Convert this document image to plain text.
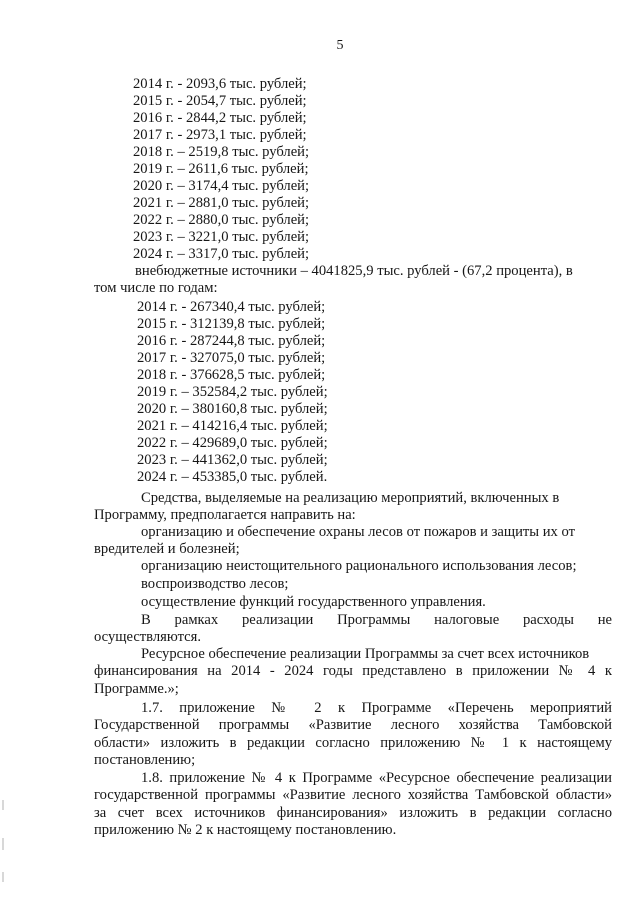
5
2014 г. - 2093,6 тыс. рублей;
2015 г. - 2054,7 тыс. рублей;
2016 г. - 2844,2 тыс. рублей;
2017 г. - 2973,1 тыс. рублей;
2018 г. – 2519,8 тыс. рублей;
2019 г. – 2611,6 тыс. рублей;
2020 г. – 3174,4 тыс. рублей;
2021 г. – 2881,0 тыс. рублей;
2022 г. – 2880,0 тыс. рублей;
2023 г. – 3221,0 тыс. рублей;
2024 г. – 3317,0 тыс. рублей;
внебюджетные источники – 4041825,9 тыс. рублей - (67,2 процента), в
том числе по годам:
2014 г. - 267340,4 тыс. рублей;
2015 г. - 312139,8 тыс. рублей;
2016 г. - 287244,8 тыс. рублей;
2017 г. - 327075,0 тыс. рублей;
2018 г. - 376628,5 тыс. рублей;
2019 г. – 352584,2 тыс. рублей;
2020 г. – 380160,8 тыс. рублей;
2021 г. – 414216,4 тыс. рублей;
2022 г. – 429689,0 тыс. рублей;
2023 г. – 441362,0 тыс. рублей;
2024 г. – 453385,0 тыс. рублей.
Средства, выделяемые на реализацию мероприятий, включенных в
Программу, предполагается направить на:
организацию и обеспечение охраны лесов от пожаров и защиты их от
вредителей и болезней;
организацию неистощительного рационального использования лесов;
воспроизводство лесов;
осуществление функций государственного управления.
В рамках реализации Программы налоговые расходы не
осуществляются.
Ресурсное обеспечение реализации Программы за счет всех источников
финансирования на 2014 - 2024 годы представлено в приложении № 4 к
Программе.»;
1.7. приложение № 2 к Программе «Перечень мероприятий
Государственной программы «Развитие лесного хозяйства Тамбовской
области» изложить в редакции согласно приложению № 1 к настоящему
постановлению;
1.8. приложение № 4 к Программе «Ресурсное обеспечение реализации
государственной программы «Развитие лесного хозяйства Тамбовской области»
за счет всех источников финансирования» изложить в редакции согласно
приложению № 2 к настоящему постановлению.
